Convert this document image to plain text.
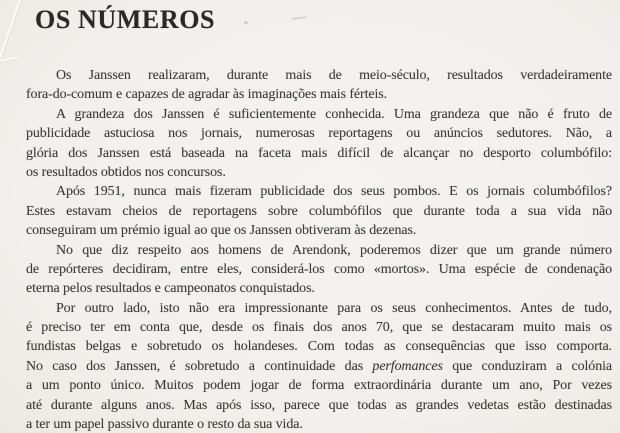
OS NÚMEROS
Os Janssen realizaram, durante mais de meio-século, resultados verdadeiramente
fora-do-comum e capazes de agradar às imaginações mais férteis.
A grandeza dos Janssen é suficientemente conhecida. Uma grandeza que não é fruto de
publicidade astuciosa nos jornais, numerosas reportagens ou anúncios sedutores. Não, a
glória dos Janssen está baseada na faceta mais difícil de alcançar no desporto columbófilo:
os resultados obtidos nos concursos.
Após 1951, nunca mais fizeram publicidade dos seus pombos. E os jornais columbófilos?
Estes estavam cheios de reportagens sobre columbófilos que durante toda a sua vida não
conseguiram um prémio igual ao que os Janssen obtiveram às dezenas.
No que diz respeito aos homens de Arendonk, poderemos dizer que um grande número
de repórteres decidiram, entre eles, considerá-los como «mortos». Uma espécie de condenação
eterna pelos resultados e campeonatos conquistados.
Por outro lado, isto não era impressionante para os seus conhecimentos. Antes de tudo,
é preciso ter em conta que, desde os finais dos anos 70, que se destacaram muito mais os
fundistas belgas e sobretudo os holandeses. Com todas as consequências que isso comporta.
No caso dos Janssen, é sobretudo a continuidade das perfomances que conduziram a colónia
a um ponto único. Muitos podem jogar de forma extraordinária durante um ano, Por vezes
até durante alguns anos. Mas após isso, parece que todas as grandes vedetas estão destinadas
a ter um papel passivo durante o resto da sua vida.
